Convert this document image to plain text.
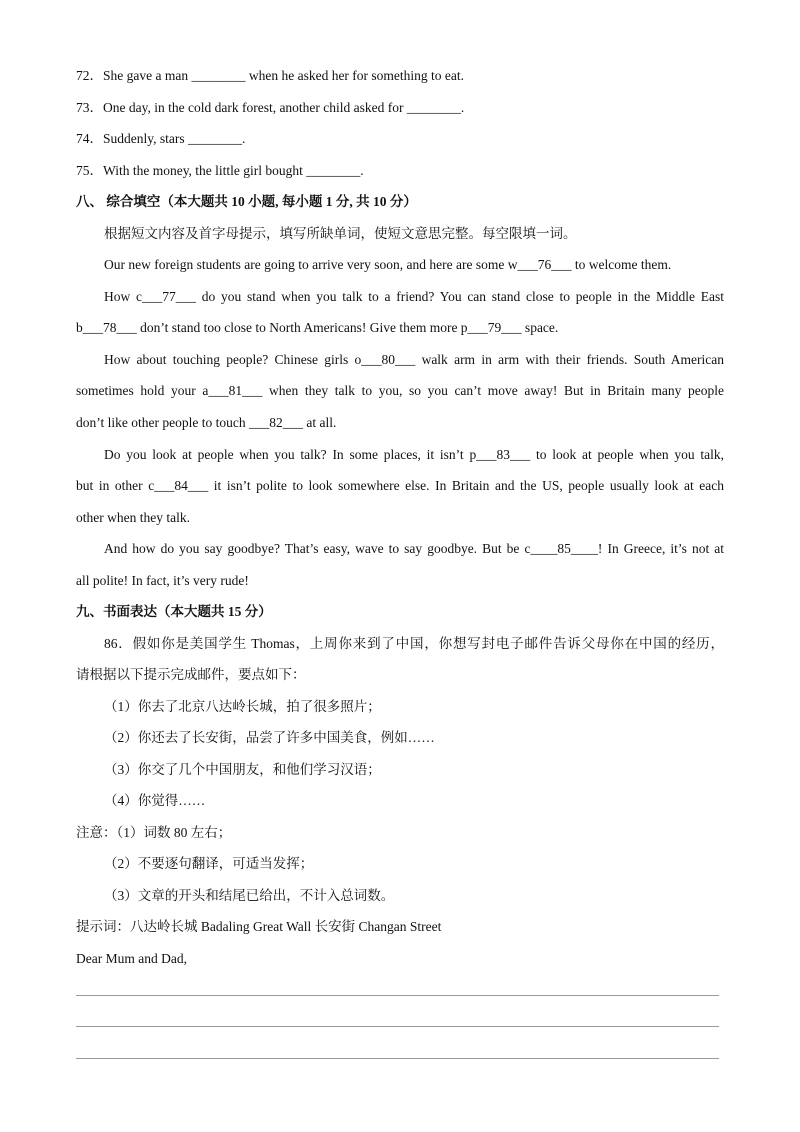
72．She gave a man ________ when he asked her for something to eat.
73．One day, in the cold dark forest, another child asked for ________.
74．Suddenly, stars ________.
75．With the money, the little girl bought ________.
八、 综合填空（本大题共 10 小题, 每小题 1 分, 共 10 分）
根据短文内容及首字母提示，填写所缺单词，使短文意思完整。每空限填一词。
Our new foreign students are going to arrive very soon, and here are some w___76___ to welcome them.
How c___77___ do you stand when you talk to a friend? You can stand close to people in the Middle East
b___78___ don’t stand too close to North Americans! Give them more p___79___ space.
How about touching people? Chinese girls o___80___ walk arm in arm with their friends. South American
sometimes hold your a___81___ when they talk to you, so you can’t move away! But in Britain many people
don’t like other people to touch ___82___ at all.
Do you look at people when you talk? In some places, it isn’t p___83___ to look at people when you talk,
but in other c___84___ it isn’t polite to look somewhere else. In Britain and the US, people usually look at each
other when they talk.
And how do you say goodbye? That’s easy, wave to say goodbye. But be c____85____! In Greece, it’s not at
all polite! In fact, it’s very rude!
九、书面表达（本大题共 15 分）
86．假如你是美国学生 Thomas，上周你来到了中国，你想写封电子邮件告诉父母你在中国的经历，
请根据以下提示完成邮件，要点如下：
（1）你去了北京八达岭长城，拍了很多照片；
（2）你还去了长安街，品尝了许多中国美食，例如……
（3）你交了几个中国朋友，和他们学习汉语；
（4）你觉得……
注意：（1）词数 80 左右；
（2）不要逐句翻译，可适当发挥；
（3）文章的开头和结尾已给出，不计入总词数。
提示词：八达岭长城 Badaling Great Wall 长安街 Changan Street
Dear Mum and Dad,
